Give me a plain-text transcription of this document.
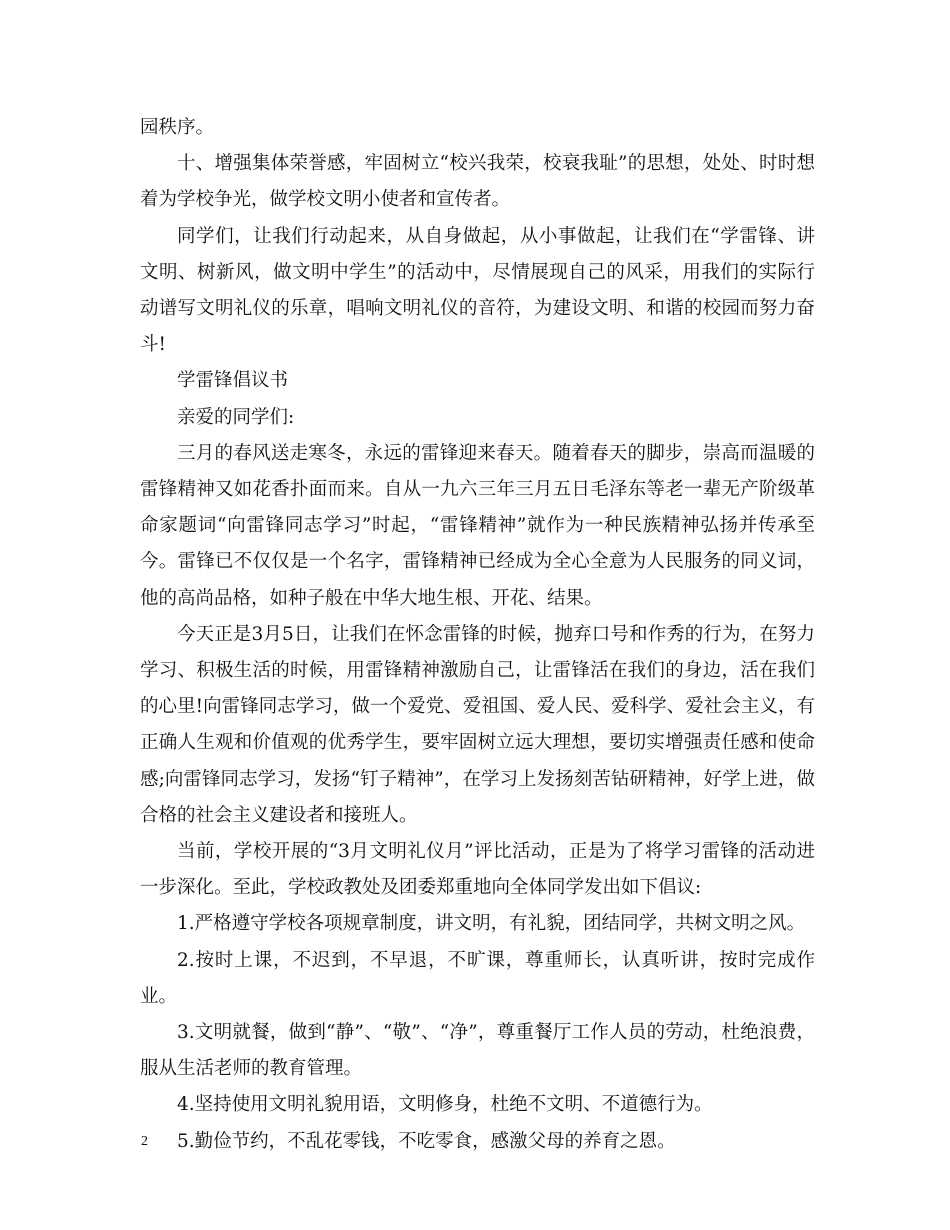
园秩序。

十、增强集体荣誉感，牢固树立“校兴我荣，校衰我耻”的思想，处处、时时想着为学校争光，做学校文明小使者和宣传者。

同学们，让我们行动起来，从自身做起，从小事做起，让我们在“学雷锋、讲文明、树新风，做文明中学生”的活动中，尽情展现自己的风采，用我们的实际行动谱写文明礼仪的乐章，唱响文明礼仪的音符，为建设文明、和谐的校园而努力奋斗!

学雷锋倡议书

亲爱的同学们:

三月的春风送走寒冬，永远的雷锋迎来春天。随着春天的脚步，崇高而温暖的雷锋精神又如花香扑面而来。自从一九六三年三月五日毛泽东等老一辈无产阶级革命家题词“向雷锋同志学习”时起，“雷锋精神”就作为一种民族精神弘扬并传承至今。雷锋已不仅仅是一个名字，雷锋精神已经成为全心全意为人民服务的同义词，他的高尚品格，如种子般在中华大地生根、开花、结果。

今天正是3月5日，让我们在怀念雷锋的时候，抛弃口号和作秀的行为，在努力学习、积极生活的时候，用雷锋精神激励自己，让雷锋活在我们的身边，活在我们的心里!向雷锋同志学习，做一个爱党、爱祖国、爱人民、爱科学、爱社会主义，有正确人生观和价值观的优秀学生，要牢固树立远大理想，要切实增强责任感和使命感;向雷锋同志学习，发扬“钉子精神”，在学习上发扬刻苦钻研精神，好学上进，做合格的社会主义建设者和接班人。

当前，学校开展的“3月文明礼仪月”评比活动，正是为了将学习雷锋的活动进一步深化。至此，学校政教处及团委郑重地向全体同学发出如下倡议:

1.严格遵守学校各项规章制度，讲文明，有礼貌，团结同学，共树文明之风。

2.按时上课，不迟到，不早退，不旷课，尊重师长，认真听讲，按时完成作业。

3.文明就餐，做到“静”、“敬”、“净”，尊重餐厅工作人员的劳动，杜绝浪费，服从生活老师的教育管理。

4.坚持使用文明礼貌用语，文明修身，杜绝不文明、不道德行为。

5.勤俭节约，不乱花零钱，不吃零食，感激父母的养育之恩。

2
